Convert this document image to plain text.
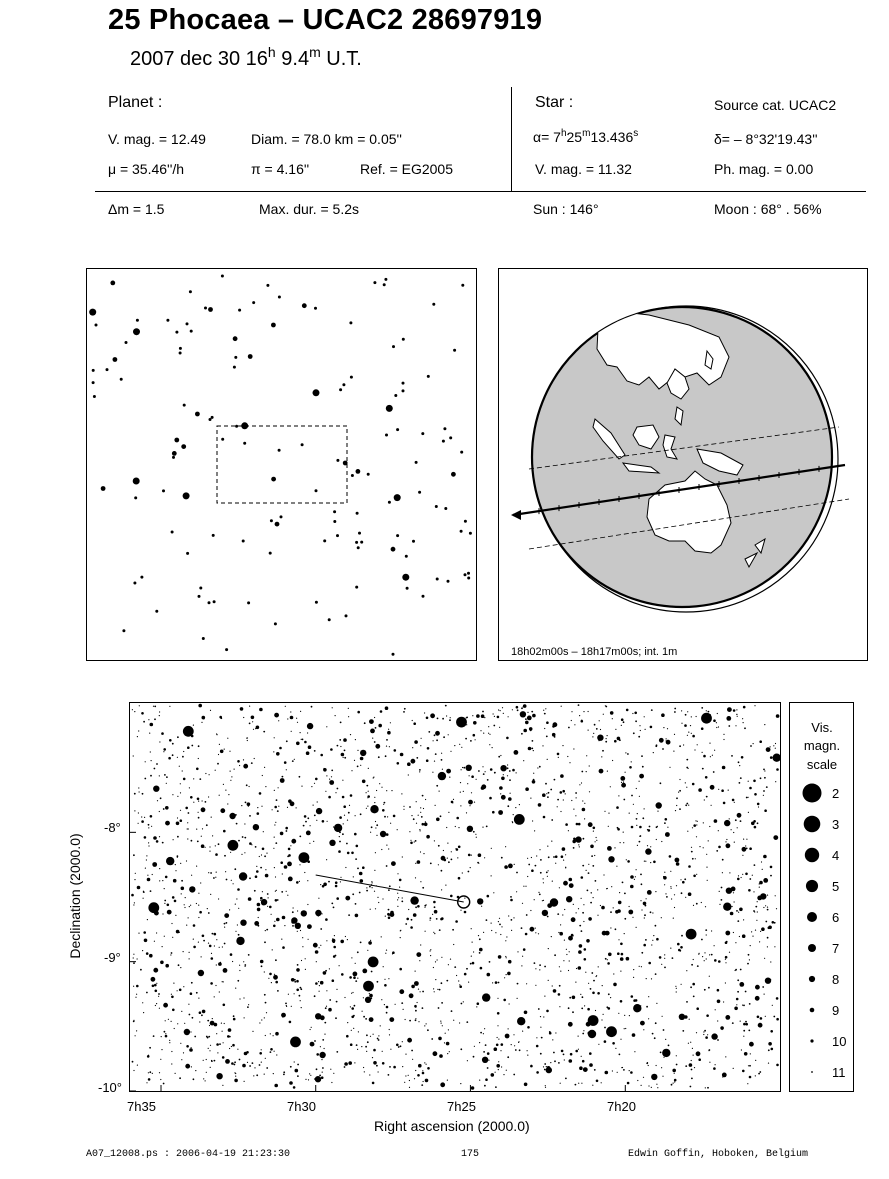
25 Phocaea – UCAC2 28697919
2007 dec 30 16$^h$ 9.4$^m$ U.T.
Planet :
V. mag. = 12.49	Diam. = 78.0 km = 0.05''
μ = 35.46''/h	π = 4.16''	Ref. = EG2005
Star :	Source cat. UCAC2
$\alpha= 7^h25^m13.436^s$	δ= – 8°32'19.43''
V. mag. = 11.32	Ph. mag. = 0.00
Δm = 1.5	Max. dur. = 5.2s	Sun : 146°	Moon : 68° . 56%
18h02m00s – 18h17m00s; int. 1m
-8°
-9°
-10°
7h35	7h30	7h25	7h20
Right ascension (2000.0)
Declination (2000.0)
Vis.
magn.
scale
2
3
4
5
6
7
8
9
10
11
A07_12008.ps : 2006-04-19 21:23:30	175	Edwin Goffin, Hoboken, Belgium
